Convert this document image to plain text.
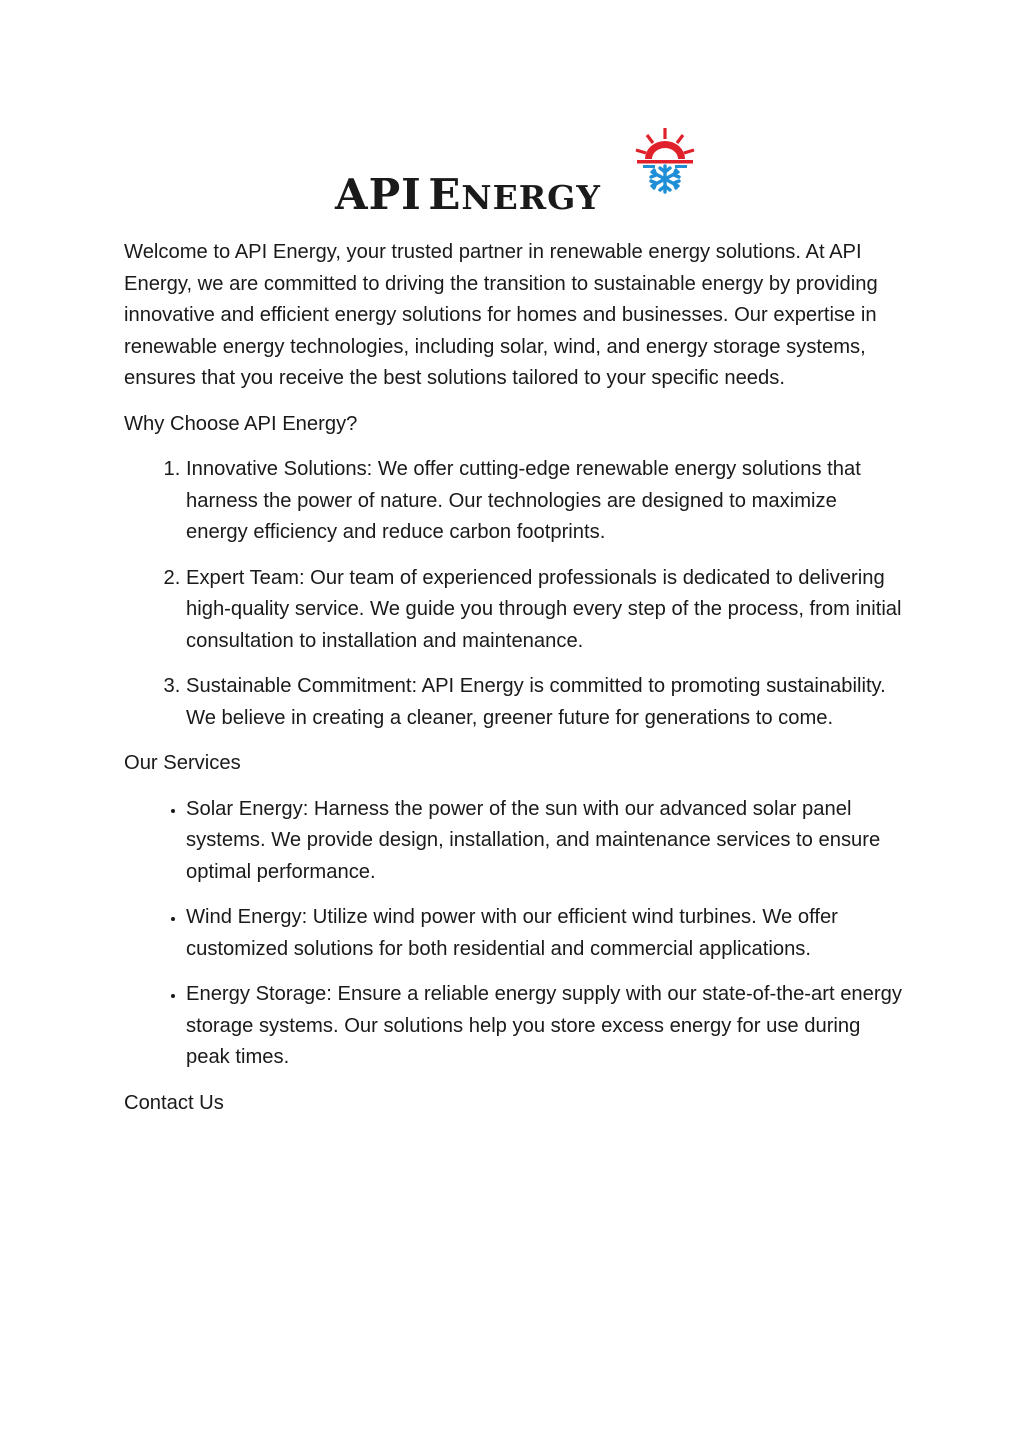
API ENERGY

Welcome to API Energy, your trusted partner in renewable energy solutions. At API Energy, we are committed to driving the transition to sustainable energy by providing innovative and efficient energy solutions for homes and businesses. Our expertise in renewable energy technologies, including solar, wind, and energy storage systems, ensures that you receive the best solutions tailored to your specific needs.

Why Choose API Energy?

1. Innovative Solutions: We offer cutting-edge renewable energy solutions that harness the power of nature. Our technologies are designed to maximize energy efficiency and reduce carbon footprints.
2. Expert Team: Our team of experienced professionals is dedicated to delivering high-quality service. We guide you through every step of the process, from initial consultation to installation and maintenance.
3. Sustainable Commitment: API Energy is committed to promoting sustainability. We believe in creating a cleaner, greener future for generations to come.

Our Services

• Solar Energy: Harness the power of the sun with our advanced solar panel systems. We provide design, installation, and maintenance services to ensure optimal performance.
• Wind Energy: Utilize wind power with our efficient wind turbines. We offer customized solutions for both residential and commercial applications.
• Energy Storage: Ensure a reliable energy supply with our state-of-the-art energy storage systems. Our solutions help you store excess energy for use during peak times.

Contact Us
